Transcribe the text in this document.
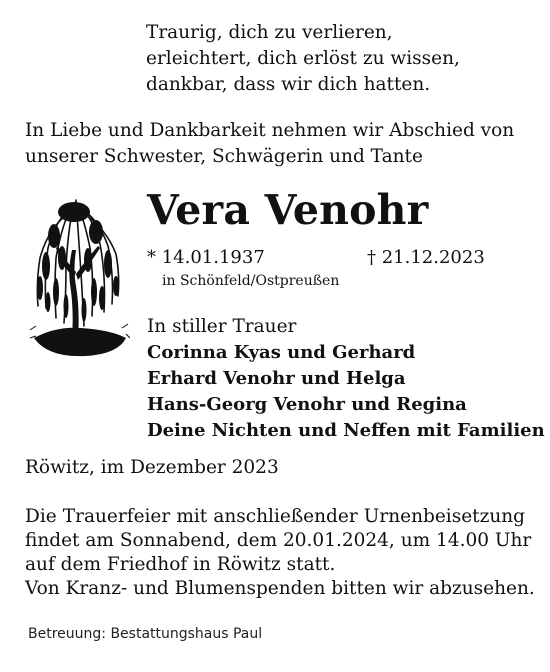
Traurig, dich zu verlieren,
erleichtert, dich erlöst zu wissen,
dankbar, dass wir dich hatten.
In Liebe und Dankbarkeit nehmen wir Abschied von
unserer Schwester, Schwägerin und Tante
Vera Venohr
* 14.01.1937	† 21.12.2023
in Schönfeld/Ostpreußen
In stiller Trauer
Corinna Kyas und Gerhard
Erhard Venohr und Helga
Hans-Georg Venohr und Regina
Deine Nichten und Neffen mit Familien
Röwitz, im Dezember 2023
Die Trauerfeier mit anschließender Urnenbeisetzung
findet am Sonnabend, dem 20.01.2024, um 14.00 Uhr
auf dem Friedhof in Röwitz statt.
Von Kranz- und Blumenspenden bitten wir abzusehen.
Betreuung: Bestattungshaus Paul
